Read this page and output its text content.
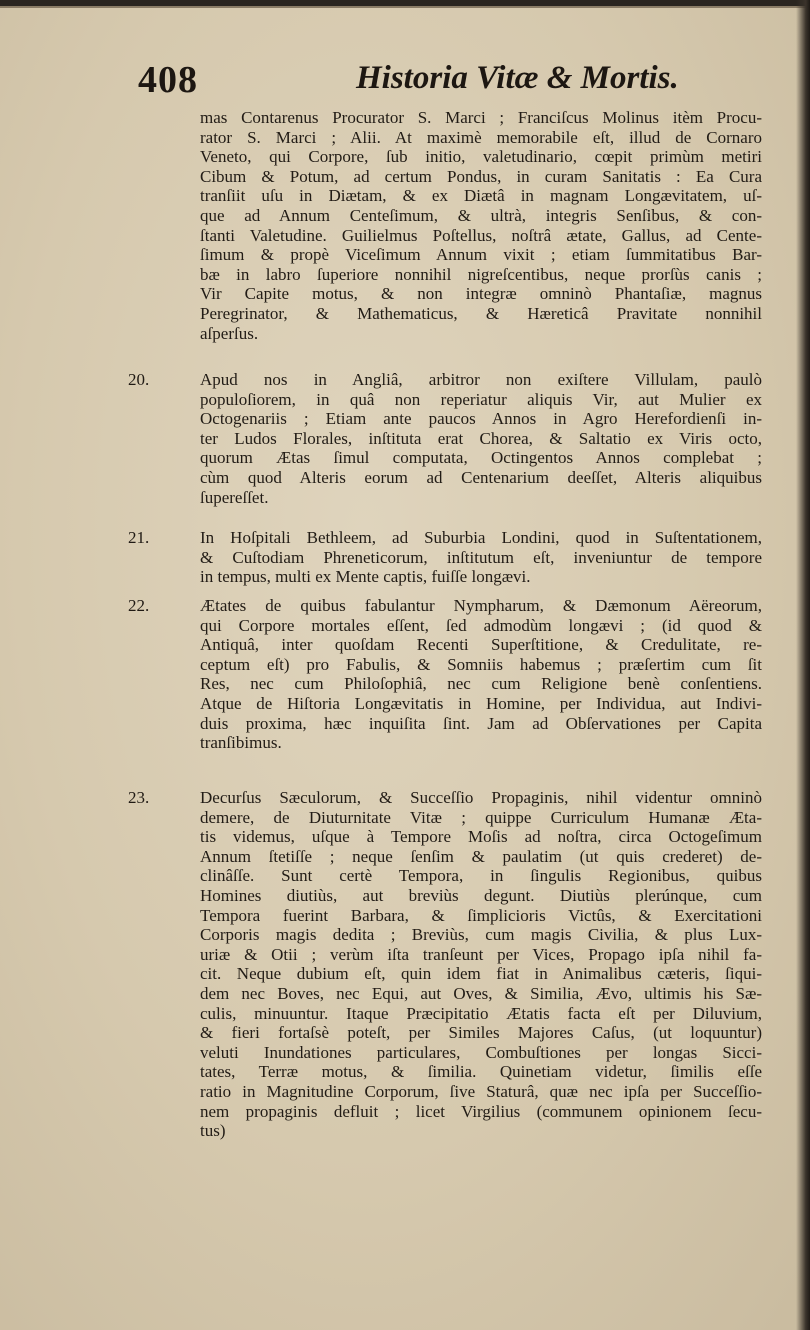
408	Historia Vitæ & Mortis.
mas Contarenus Procurator S. Marci ; Franciſcus Molinus itèm Procu-
rator S. Marci ; Alii. At maximè memorabile eſt, illud de Cornaro
Veneto, qui Corpore, ſub initio, valetudinario, cœpit primùm metiri
Cibum & Potum, ad certum Pondus, in curam Sanitatis : Ea Cura
tranſiit uſu in Diætam, & ex Diætâ in magnam Longævitatem, uſ-
que ad Annum Centeſimum, & ultrà, integris Senſibus, & con-
ſtanti Valetudine. Guilielmus Poſtellus, noſtrâ ætate, Gallus, ad Cente-
ſimum & propè Viceſimum Annum vixit ; etiam ſummitatibus Bar-
bæ in labro ſuperiore nonnihil nigreſcentibus, neque prorſùs canis ;
Vir Capite motus, & non integræ omninò Phantaſiæ, magnus
Peregrinator, & Mathematicus, & Hæreticâ Pravitate nonnihil
aſperſus.
20.	Apud nos in Angliâ, arbitror non exiſtere Villulam, paulò
populoſiorem, in quâ non reperiatur aliquis Vir, aut Mulier ex
Octogenariis ; Etiam ante paucos Annos in Agro Herefordienſi in-
ter Ludos Florales, inſtituta erat Chorea, & Saltatio ex Viris octo,
quorum Ætas ſimul computata, Octingentos Annos complebat ;
cùm quod Alteris eorum ad Centenarium deeſſet, Alteris aliquibus
ſupereſſet.
21.	In Hoſpitali Bethleem, ad Suburbia Londini, quod in Suſtentationem,
& Cuſtodiam Phreneticorum, inſtitutum eſt, inveniuntur de tempore
in tempus, multi ex Mente captis, fuiſſe longævi.
22.	Ætates de quibus fabulantur Nympharum, & Dæmonum Aëreorum,
qui Corpore mortales eſſent, ſed admodùm longævi ; (id quod &
Antiquâ, inter quoſdam Recenti Superſtitione, & Credulitate, re-
ceptum eſt) pro Fabulis, & Somniis habemus ; præſertim cum ſit
Res, nec cum Philoſophiâ, nec cum Religione benè conſentiens.
Atque de Hiſtoria Longævitatis in Homine, per Individua, aut Indivi-
duis proxima, hæc inquiſita ſint. Jam ad Obſervationes per Capita
tranſibimus.
23.	Decurſus Sæculorum, & Succeſſio Propaginis, nihil videntur omninò
demere, de Diuturnitate Vitæ ; quippe Curriculum Humanæ Æta-
tis videmus, uſque à Tempore Moſis ad noſtra, circa Octogeſimum
Annum ſtetiſſe ; neque ſenſim & paulatim (ut quis crederet) de-
clinâſſe. Sunt certè Tempora, in ſingulis Regionibus, quibus
Homines diutiùs, aut breviùs degunt. Diutiùs plerúnque, cum
Tempora fuerint Barbara, & ſimplicioris Victûs, & Exercitationi
Corporis magis dedita ; Breviùs, cum magis Civilia, & plus Lux-
uriæ & Otii ; verùm iſta tranſeunt per Vices, Propago ipſa nihil fa-
cit. Neque dubium eſt, quin idem fiat in Animalibus cæteris, ſiqui-
dem nec Boves, nec Equi, aut Oves, & Similia, Ævo, ultimis his Sæ-
culis, minuuntur. Itaque Præcipitatio Ætatis facta eſt per Diluvium,
& fieri fortaſsè poteſt, per Similes Majores Caſus, (ut loquuntur)
veluti Inundationes particulares, Combuſtiones per longas Sicci-
tates, Terræ motus, & ſimilia. Quinetiam videtur, ſimilis eſſe
ratio in Magnitudine Corporum, ſive Staturâ, quæ nec ipſa per Succeſſio-
nem propaginis defluit ; licet Virgilius (communem opinionem ſecu-
tus)
